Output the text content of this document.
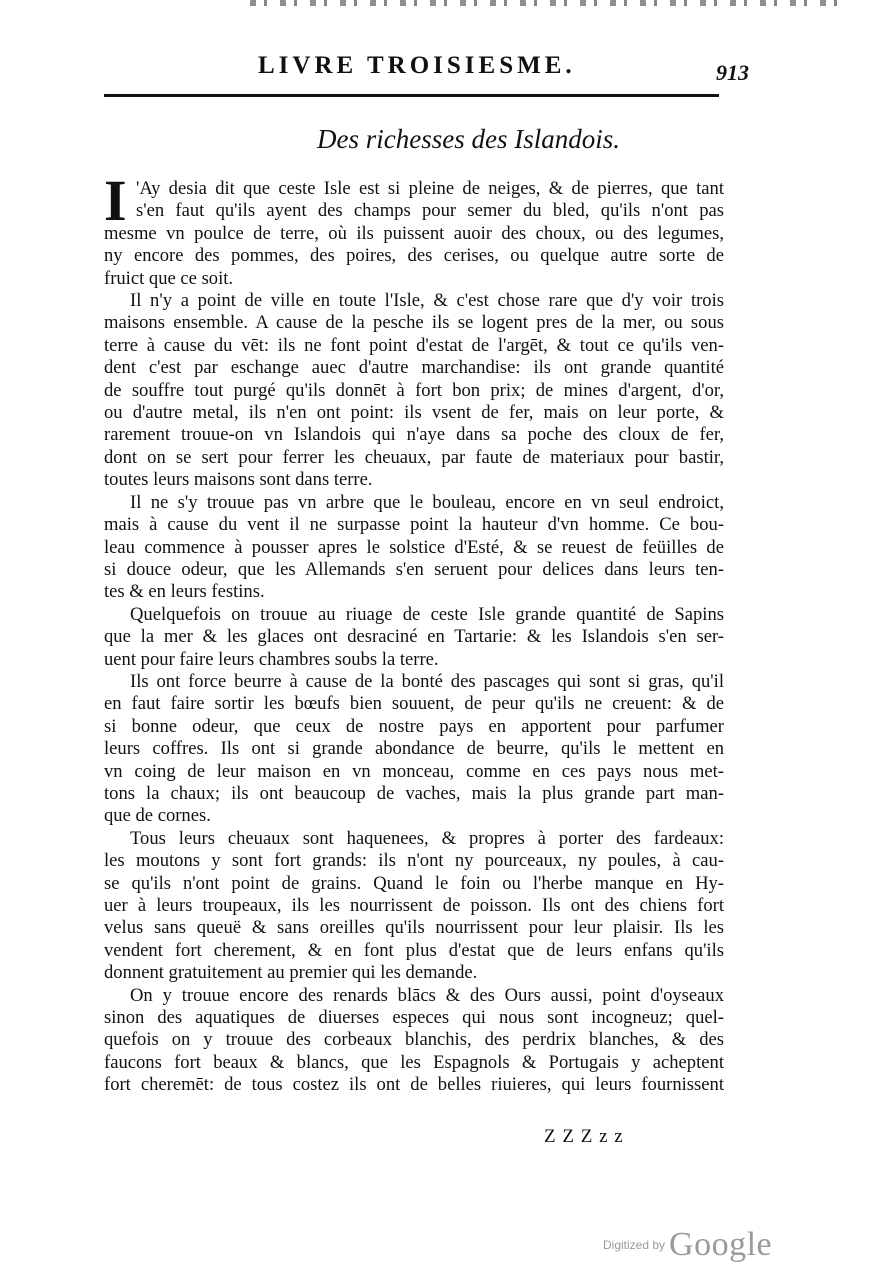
LIVRE TROISIESME.	913
Des richesses des Islandois.
I 'Ay desia dit que ceste Isle est si pleine de neiges, & de pierres, que tant
s'en faut qu'ils ayent des champs pour semer du bled, qu'ils n'ont pas
mesme vn poulce de terre, où ils puissent auoir des choux, ou des legumes,
ny encore des pommes, des poires, des cerises, ou quelque autre sorte de
fruict que ce soit.
Il n'y a point de ville en toute l'Isle, & c'est chose rare que d'y voir trois
maisons ensemble. A cause de la pesche ils se logent pres de la mer, ou sous
terre à cause du vēt: ils ne font point d'estat de l'argēt, & tout ce qu'ils ven-
dent c'est par eschange auec d'autre marchandise: ils ont grande quantité
de souffre tout purgé qu'ils donnēt à fort bon prix; de mines d'argent, d'or,
ou d'autre metal, ils n'en ont point: ils vsent de fer, mais on leur porte, &
rarement trouue-on vn Islandois qui n'aye dans sa poche des cloux de fer,
dont on se sert pour ferrer les cheuaux, par faute de materiaux pour bastir,
toutes leurs maisons sont dans terre.
Il ne s'y trouue pas vn arbre que le bouleau, encore en vn seul endroict,
mais à cause du vent il ne surpasse point la hauteur d'vn homme. Ce bou-
leau commence à pousser apres le solstice d'Esté, & se reuest de feüilles de
si douce odeur, que les Allemands s'en seruent pour delices dans leurs ten-
tes & en leurs festins.
Quelquefois on trouue au riuage de ceste Isle grande quantité de Sapins
que la mer & les glaces ont desraciné en Tartarie: & les Islandois s'en ser-
uent pour faire leurs chambres soubs la terre.
Ils ont force beurre à cause de la bonté des pascages qui sont si gras, qu'il
en faut faire sortir les bœufs bien souuent, de peur qu'ils ne creuent: & de
si bonne odeur, que ceux de nostre pays en apportent pour parfumer
leurs coffres. Ils ont si grande abondance de beurre, qu'ils le mettent en
vn coing de leur maison en vn monceau, comme en ces pays nous met-
tons la chaux; ils ont beaucoup de vaches, mais la plus grande part man-
que de cornes.
Tous leurs cheuaux sont haquenees, & propres à porter des fardeaux:
les moutons y sont fort grands: ils n'ont ny pourceaux, ny poules, à cau-
se qu'ils n'ont point de grains. Quand le foin ou l'herbe manque en Hy-
uer à leurs troupeaux, ils les nourrissent de poisson. Ils ont des chiens fort
velus sans queuë & sans oreilles qu'ils nourrissent pour leur plaisir. Ils les
vendent fort cherement, & en font plus d'estat que de leurs enfans qu'ils
donnent gratuitement au premier qui les demande.
On y trouue encore des renards blācs & des Ours aussi, point d'oyseaux
sinon des aquatiques de diuerses especes qui nous sont incogneuz; quel-
quefois on y trouue des corbeaux blanchis, des perdrix blanches, & des
faucons fort beaux & blancs, que les Espagnols & Portugais y acheptent
fort cheremēt: de tous costez ils ont de belles riuieres, qui leurs fournissent
Z Z Z z z
Digitized by Google
